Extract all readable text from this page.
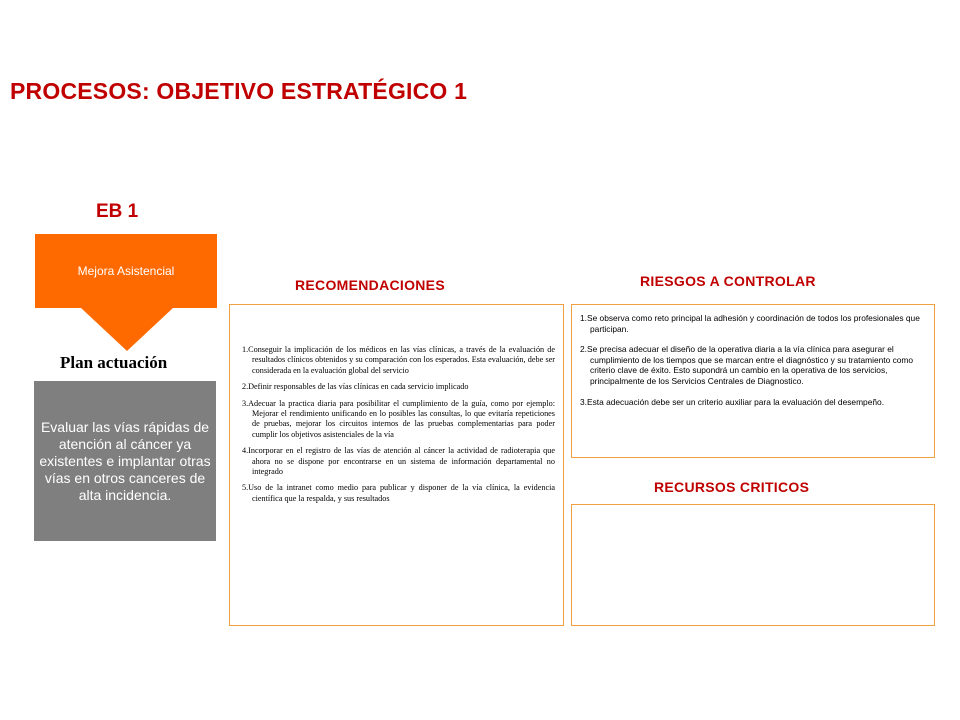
PROCESOS: OBJETIVO ESTRATÉGICO 1
EB 1
Mejora Asistencial
Plan actuación
Evaluar las vías rápidas de atención al cáncer ya existentes e implantar otras vías en otros canceres de alta incidencia.
RECOMENDACIONES
1.Conseguir la implicación de los médicos en las vías clínicas, a través de la evaluación de resultados clínicos obtenidos y su comparación con los esperados. Esta evaluación, debe ser considerada en la evaluación global del servicio
2.Definir responsables de las vías clínicas en cada servicio implicado
3.Adecuar la practica diaria para posibilitar el cumplimiento de la guía, como por ejemplo: Mejorar el rendimiento unificando en lo posibles las consultas, lo que evitaría repeticiones de pruebas, mejorar los circuitos internos de las pruebas complementarias para poder cumplir los objetivos asistenciales de la vía
4.Incorporar en el registro de las vías de atención al cáncer la actividad de radioterapia que ahora no se dispone por encontrarse en un sistema de información departamental no integrado
5.Uso de la intranet como medio para publicar y disponer de la vía clínica, la evidencia científica que la respalda, y sus resultados
RIESGOS A CONTROLAR
1.Se observa como reto principal la adhesión y coordinación de todos los profesionales que participan.
2.Se precisa adecuar el diseño de la operativa diaria a la vía clínica para asegurar el cumplimiento de los tiempos que se marcan entre el diagnóstico y su tratamiento como criterio clave de éxito. Esto supondrá un cambio en la operativa de los servicios, principalmente de los Servicios Centrales de Diagnostico.
3.Esta adecuación debe ser un criterio auxiliar para la evaluación del desempeño.
RECURSOS CRITICOS
